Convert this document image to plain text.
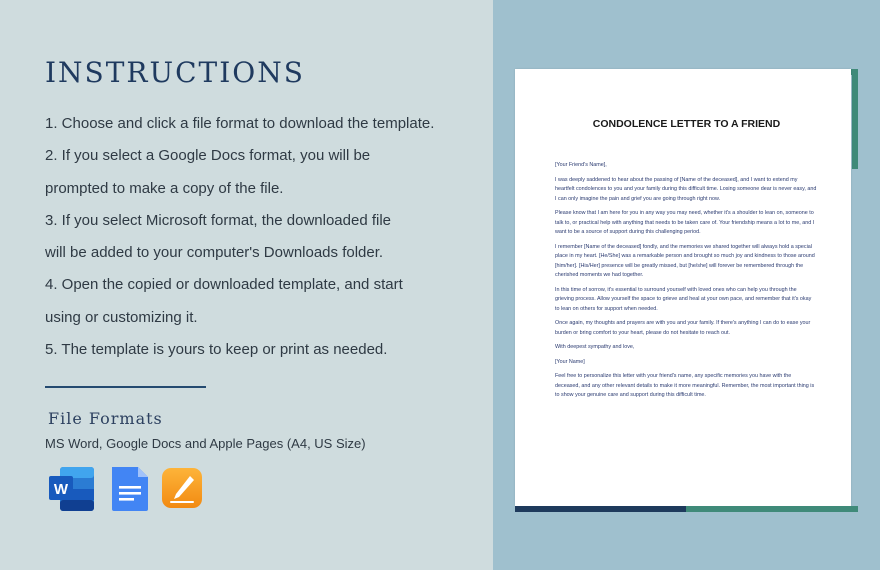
INSTRUCTIONS
1. Choose and click a file format to download the template.
2. If you select a Google Docs format, you will be
prompted to make a copy of the file.
3. If you select Microsoft format, the downloaded file
will be added to your computer's Downloads folder.
4. Open the copied or downloaded template, and start
using or customizing it.
5. The template is yours to keep or print as needed.
File Formats
MS Word, Google Docs and Apple Pages (A4, US Size)
W
CONDOLENCE LETTER TO A FRIEND

[Your Friend's Name],

I was deeply saddened to hear about the passing of [Name of the deceased], and I want to extend my heartfelt condolences to you and your family during this difficult time. Losing someone dear is never easy, and I can only imagine the pain and grief you are going through right now.

Please know that I am here for you in any way you may need, whether it's a shoulder to lean on, someone to talk to, or practical help with anything that needs to be taken care of. Your friendship means a lot to me, and I want to be a source of support during this challenging period.

I remember [Name of the deceased] fondly, and the memories we shared together will always hold a special place in my heart. [He/She] was a remarkable person and brought so much joy and kindness to those around [him/her]. [His/Her] presence will be greatly missed, but [he/she] will forever be remembered through the cherished moments we had together.

In this time of sorrow, it's essential to surround yourself with loved ones who can help you through the grieving process. Allow yourself the space to grieve and heal at your own pace, and remember that it's okay to lean on others for support when needed.

Once again, my thoughts and prayers are with you and your family. If there's anything I can do to ease your burden or bring comfort to your heart, please do not hesitate to reach out.

With deepest sympathy and love,

[Your Name]

Feel free to personalize this letter with your friend's name, any specific memories you have with the deceased, and any other relevant details to make it more meaningful. Remember, the most important thing is to show your genuine care and support during this difficult time.
